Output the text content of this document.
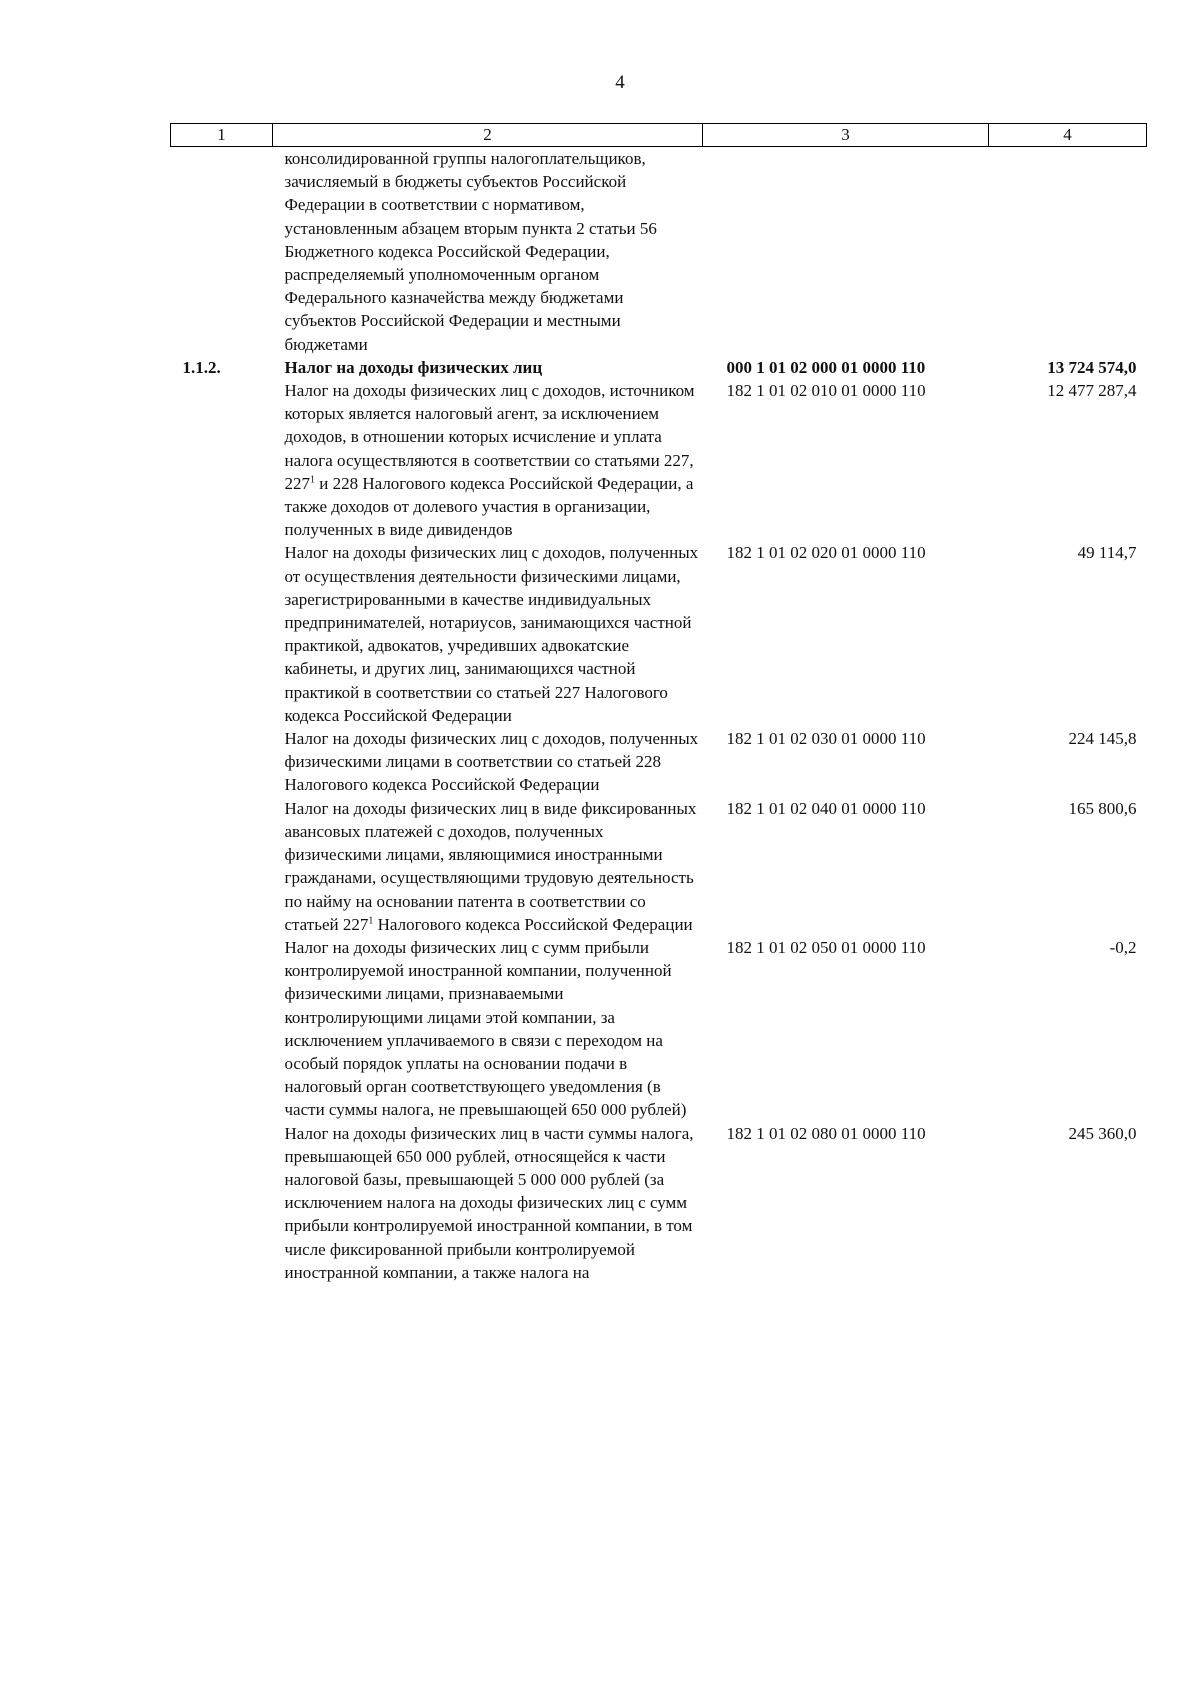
4
1	2	3	4
	консолидированной группы налогоплательщиков, зачисляемый в бюджеты субъектов Российской Федерации в соответствии с нормативом, установленным абзацем вторым пункта 2 статьи 56 Бюджетного кодекса Российской Федерации, распределяемый уполномоченным органом Федерального казначейства между бюджетами субъектов Российской Федерации и местными бюджетами		
1.1.2.	Налог на доходы физических лиц	000 1 01 02 000 01 0000 110	13 724 574,0
	Налог на доходы физических лиц с доходов, источником которых является налоговый агент, за исключением доходов, в отношении которых исчисление и уплата налога осуществляются в соответствии со статьями 227, $227^1$ и 228 Налогового кодекса Российской Федерации, а также доходов от долевого участия в организации, полученных в виде дивидендов	182 1 01 02 010 01 0000 110	12 477 287,4
	Налог на доходы физических лиц с доходов, полученных от осуществления деятельности физическими лицами, зарегистрированными в качестве индивидуальных предпринимателей, нотариусов, занимающихся частной практикой, адвокатов, учредивших адвокатские кабинеты, и других лиц, занимающихся частной практикой в соответствии со статьей 227 Налогового кодекса Российской Федерации	182 1 01 02 020 01 0000 110	49 114,7
	Налог на доходы физических лиц с доходов, полученных физическими лицами в соответствии со статьей 228 Налогового кодекса Российской Федерации	182 1 01 02 030 01 0000 110	224 145,8
	Налог на доходы физических лиц в виде фиксированных авансовых платежей с доходов, полученных физическими лицами, являющимися иностранными гражданами, осуществляющими трудовую деятельность по найму на основании патента в соответствии со статьей $227^1$ Налогового кодекса Российской Федерации	182 1 01 02 040 01 0000 110	165 800,6
	Налог на доходы физических лиц с сумм прибыли контролируемой иностранной компании, полученной физическими лицами, признаваемыми контролирующими лицами этой компании, за исключением уплачиваемого в связи с переходом на особый порядок уплаты на основании подачи в налоговый орган соответствующего уведомления (в части суммы налога, не превышающей 650 000 рублей)	182 1 01 02 050 01 0000 110	-0,2
	Налог на доходы физических лиц в части суммы налога, превышающей 650 000 рублей, относящейся к части налоговой базы, превышающей 5 000 000 рублей (за исключением налога на доходы физических лиц с сумм прибыли контролируемой иностранной компании, в том числе фиксированной прибыли контролируемой иностранной компании, а также налога на	182 1 01 02 080 01 0000 110	245 360,0
